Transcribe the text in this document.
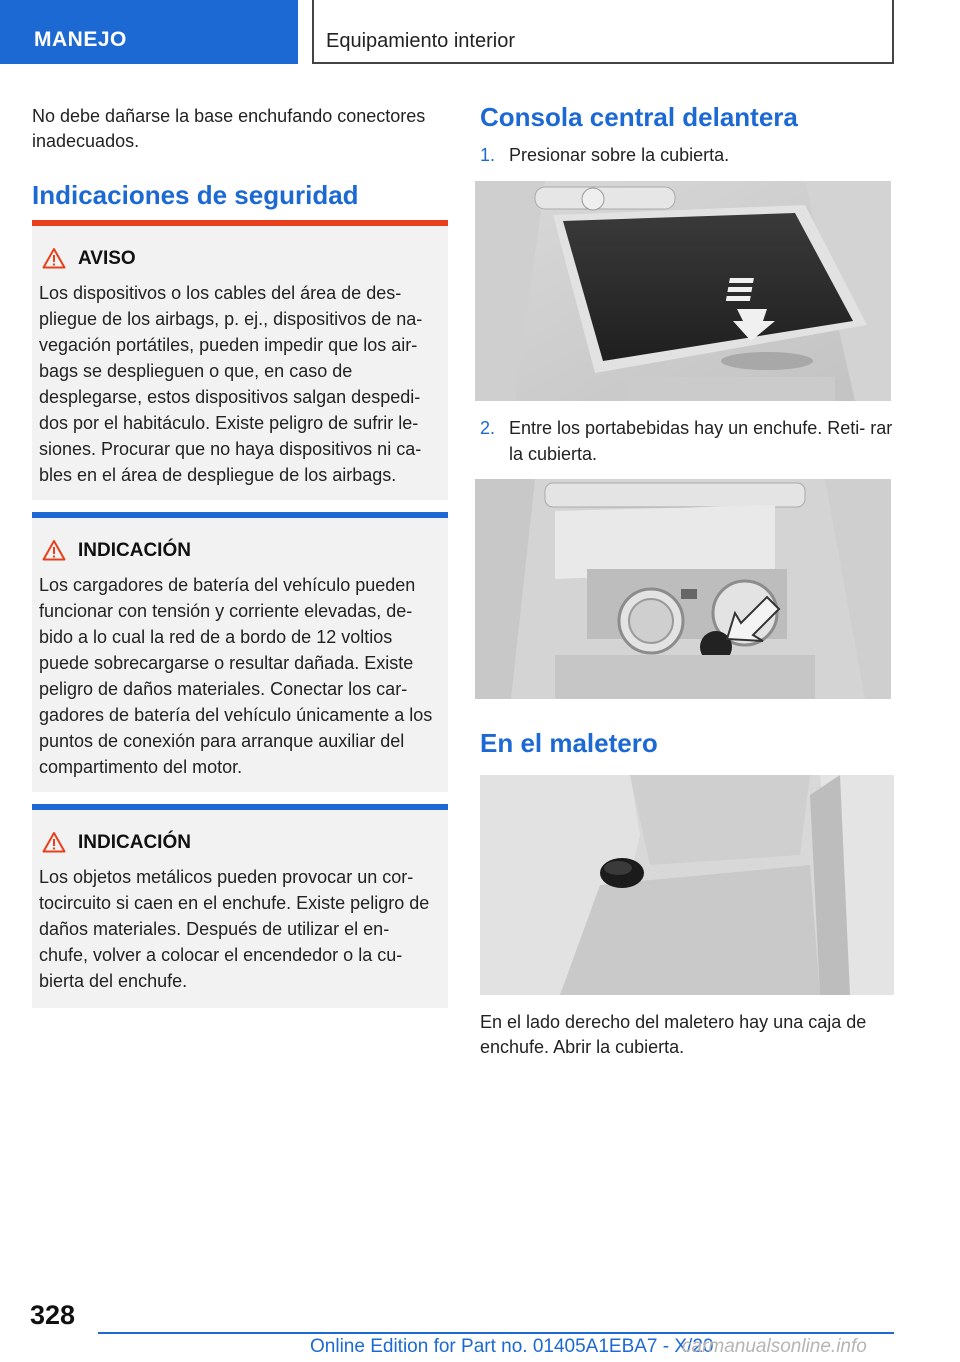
MANEJO	Equipamiento interior

No debe dañarse la base enchufando conectores inadecuados.

Indicaciones de seguridad
AVISO
Los dispositivos o los cables del área de des- pliegue de los airbags, p. ej., dispositivos de na- vegación portátiles, pueden impedir que los air- bags se desplieguen o que, en caso de desplegarse, estos dispositivos salgan despedi- dos por el habitáculo. Existe peligro de sufrir le- siones. Procurar que no haya dispositivos ni ca- bles en el área de despliegue de los airbags.
INDICACIÓN
Los cargadores de batería del vehículo pueden funcionar con tensión y corriente elevadas, de- bido a lo cual la red de a bordo de 12 voltios puede sobrecargarse o resultar dañada. Existe peligro de daños materiales. Conectar los car- gadores de batería del vehículo únicamente a los puntos de conexión para arranque auxiliar del compartimento del motor.
INDICACIÓN
Los objetos metálicos pueden provocar un cor- tocircuito si caen en el enchufe. Existe peligro de daños materiales. Después de utilizar el en- chufe, volver a colocar el encendedor o la cu- bierta del enchufe.
Consola central delantera
1. Presionar sobre la cubierta.
2. Entre los portabebidas hay un enchufe. Reti- rar la cubierta.
En el maletero
En el lado derecho del maletero hay una caja de enchufe. Abrir la cubierta.
328
Online Edition for Part no. 01405A1EBA7 - X/20
carmanualsonline.info
